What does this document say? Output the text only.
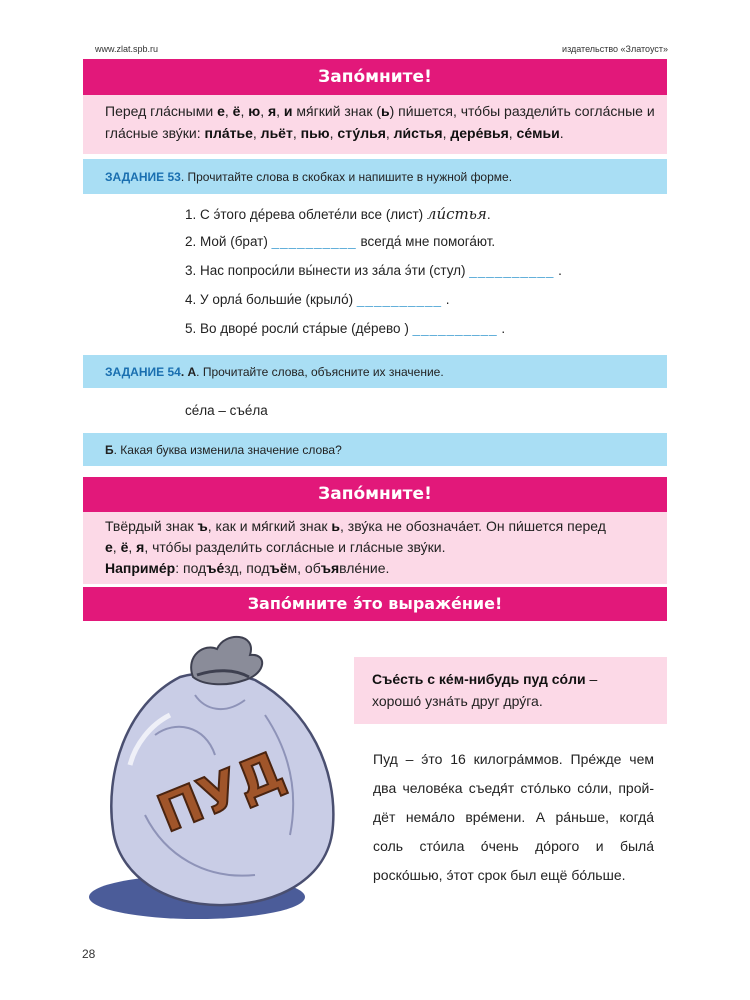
www.zlat.spb.ru	издательство «Златоуст»
Запо́мните!
Перед гла́сными е, ё, ю, я, и мя́гкий знак (ь) пи́шется, что́бы раздели́ть согла́сные и гла́сные зву́ки: пла́тье, льёт, пью, сту́лья, ли́стья, дере́вья, се́мьи.
ЗАДАНИЕ 53. Прочитайте слова в скобках и напишите в нужной форме.
1. С э́того де́рева облете́ли все (лист) ли́стья.
2. Мой (брат) __________ всегда́ мне помога́ют.
3. Нас попроси́ли вы́нести из за́ла э́ти (стул) __________ .
4. У орла́ больши́е (крыло́) __________ .
5. Во дворе́ росли́ ста́рые (де́рево ) __________ .
ЗАДАНИЕ 54. А. Прочитайте слова, объясните их значение.
се́ла – съе́ла
Б. Какая буква изменила значение слова?
Запо́мните!
Твёрдый знак ъ, как и мя́гкий знак ь, зву́ка не обознача́ет. Он пи́шется перед
е, ё, я, что́бы раздели́ть согла́сные и гла́сные зву́ки.
Наприме́р: подъе́зд, подъём, объявле́ние.
Запо́мните э́то выраже́ние!
ПУД
Съе́сть с ке́м-нибудь пуд со́ли –
хорошо́ узна́ть друг дру́га.
Пуд – э́то 16 килогра́ммов. Пре́жде чем два челове́ка съедя́т сто́лько со́ли, пройдёт нема́ло вре́мени. А ра́ньше, когда́ соль сто́ила о́чень до́рого и была́ роско́шью, э́тот срок был ещё бо́льше.
28
